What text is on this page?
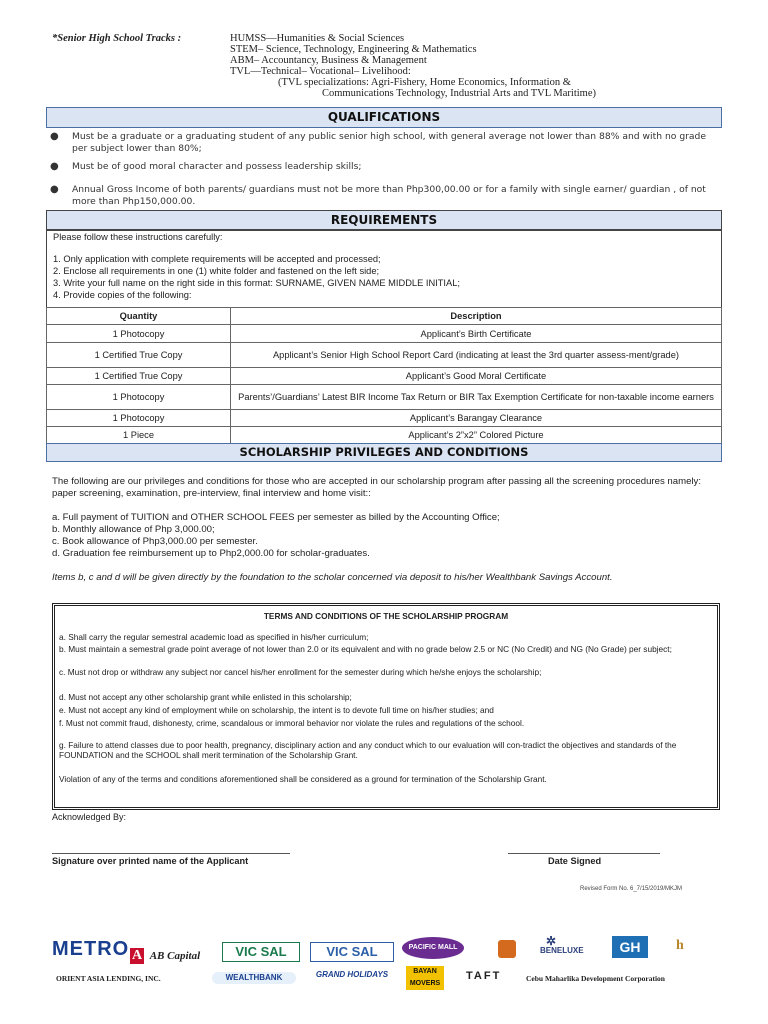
*Senior High School Tracks :	HUMSS—Humanities & Social Sciences
STEM– Science, Technology, Engineering & Mathematics
ABM– Accountancy, Business & Management
TVL—Technical– Vocational– Livelihood:
(TVL specializations: Agri-Fishery, Home Economics, Information &
Communications Technology, Industrial Arts and TVL Maritime)
QUALIFICATIONS
● Must be a graduate or a graduating student of any public senior high school, with general average not lower than 88% and with no grade per subject lower than 80%;
● Must be of good moral character and possess leadership skills;
● Annual Gross Income of both parents/ guardians must not be more than Php300,00.00 or for a family with single earner/ guardian , of not more than Php150,000.00.
REQUIREMENTS
Please follow these instructions carefully:
1. Only application with complete requirements will be accepted and processed;
2. Enclose all requirements in one (1) white folder and fastened on the left side;
3. Write your full name on the right side in this format: SURNAME, GIVEN NAME MIDDLE INITIAL;
4. Provide copies of the following:
Quantity	Description
1 Photocopy	Applicant’s Birth Certificate
1 Certified True Copy	Applicant’s Senior High School Report Card (indicating at least the 3rd quarter assess-ment/grade)
1 Certified True Copy	Applicant’s Good Moral Certificate
1 Photocopy	Parents’/Guardians’ Latest BIR Income Tax Return or BIR Tax Exemption Certificate for non-taxable income earners
1 Photocopy	Applicant’s Barangay Clearance
1 Piece	Applicant’s 2”x2” Colored Picture
SCHOLARSHIP PRIVILEGES AND CONDITIONS
The following are our privileges and conditions for those who are accepted in our scholarship program after passing all the screening procedures namely: paper screening, examination, pre-interview, final interview and home visit::
a. Full payment of TUITION and OTHER SCHOOL FEES per semester as billed by the Accounting Office;
b. Monthly allowance of Php 3,000.00;
c. Book allowance of Php3,000.00 per semester.
d. Graduation fee reimbursement up to Php2,000.00 for scholar-graduates.
Items b, c and d will be given directly by the foundation to the scholar concerned via deposit to his/her Wealthbank Savings Account.
TERMS AND CONDITIONS OF THE SCHOLARSHIP PROGRAM
a. Shall carry the regular semestral academic load as specified in his/her curriculum;
b. Must maintain a semestral grade point average of not lower than 2.0 or its equivalent and with no grade below 2.5 or NC (No Credit) and NG (No Grade) per subject;
c. Must not drop or withdraw any subject nor cancel his/her enrollment for the semester during which he/she enjoys the scholarship;
d. Must not accept any other scholarship grant while enlisted in this scholarship;
e. Must not accept any kind of employment while on scholarship, the intent is to devote full time on his/her studies; and
f. Must not commit fraud, dishonesty, crime, scandalous or immoral behavior nor violate the rules and regulations of the school.
g. Failure to attend classes due to poor health, pregnancy, disciplinary action and any conduct which to our evaluation will con-tradict the objectives and standards of the FOUNDATION and the SCHOOL shall merit termination of the Scholarship Grant.
Violation of any of the terms and conditions aforementioned shall be considered as a ground for termination of the Scholarship Grant.
Acknowledged By:
Signature over printed name of the Applicant	Date Signed
Revised Form No. 6_7/15/2019/MKJM
METRO A AB Capital	VIC SAL	VIC SAL	PACIFIC MALL	✲
BENELUXE	GH	h
ORIENT ASIA LENDING, INC.	WEALTHBANK	GRAND HOLIDAYS	BAYAN MOVERS
TAFT	Cebu Maharlika Development Corporation
